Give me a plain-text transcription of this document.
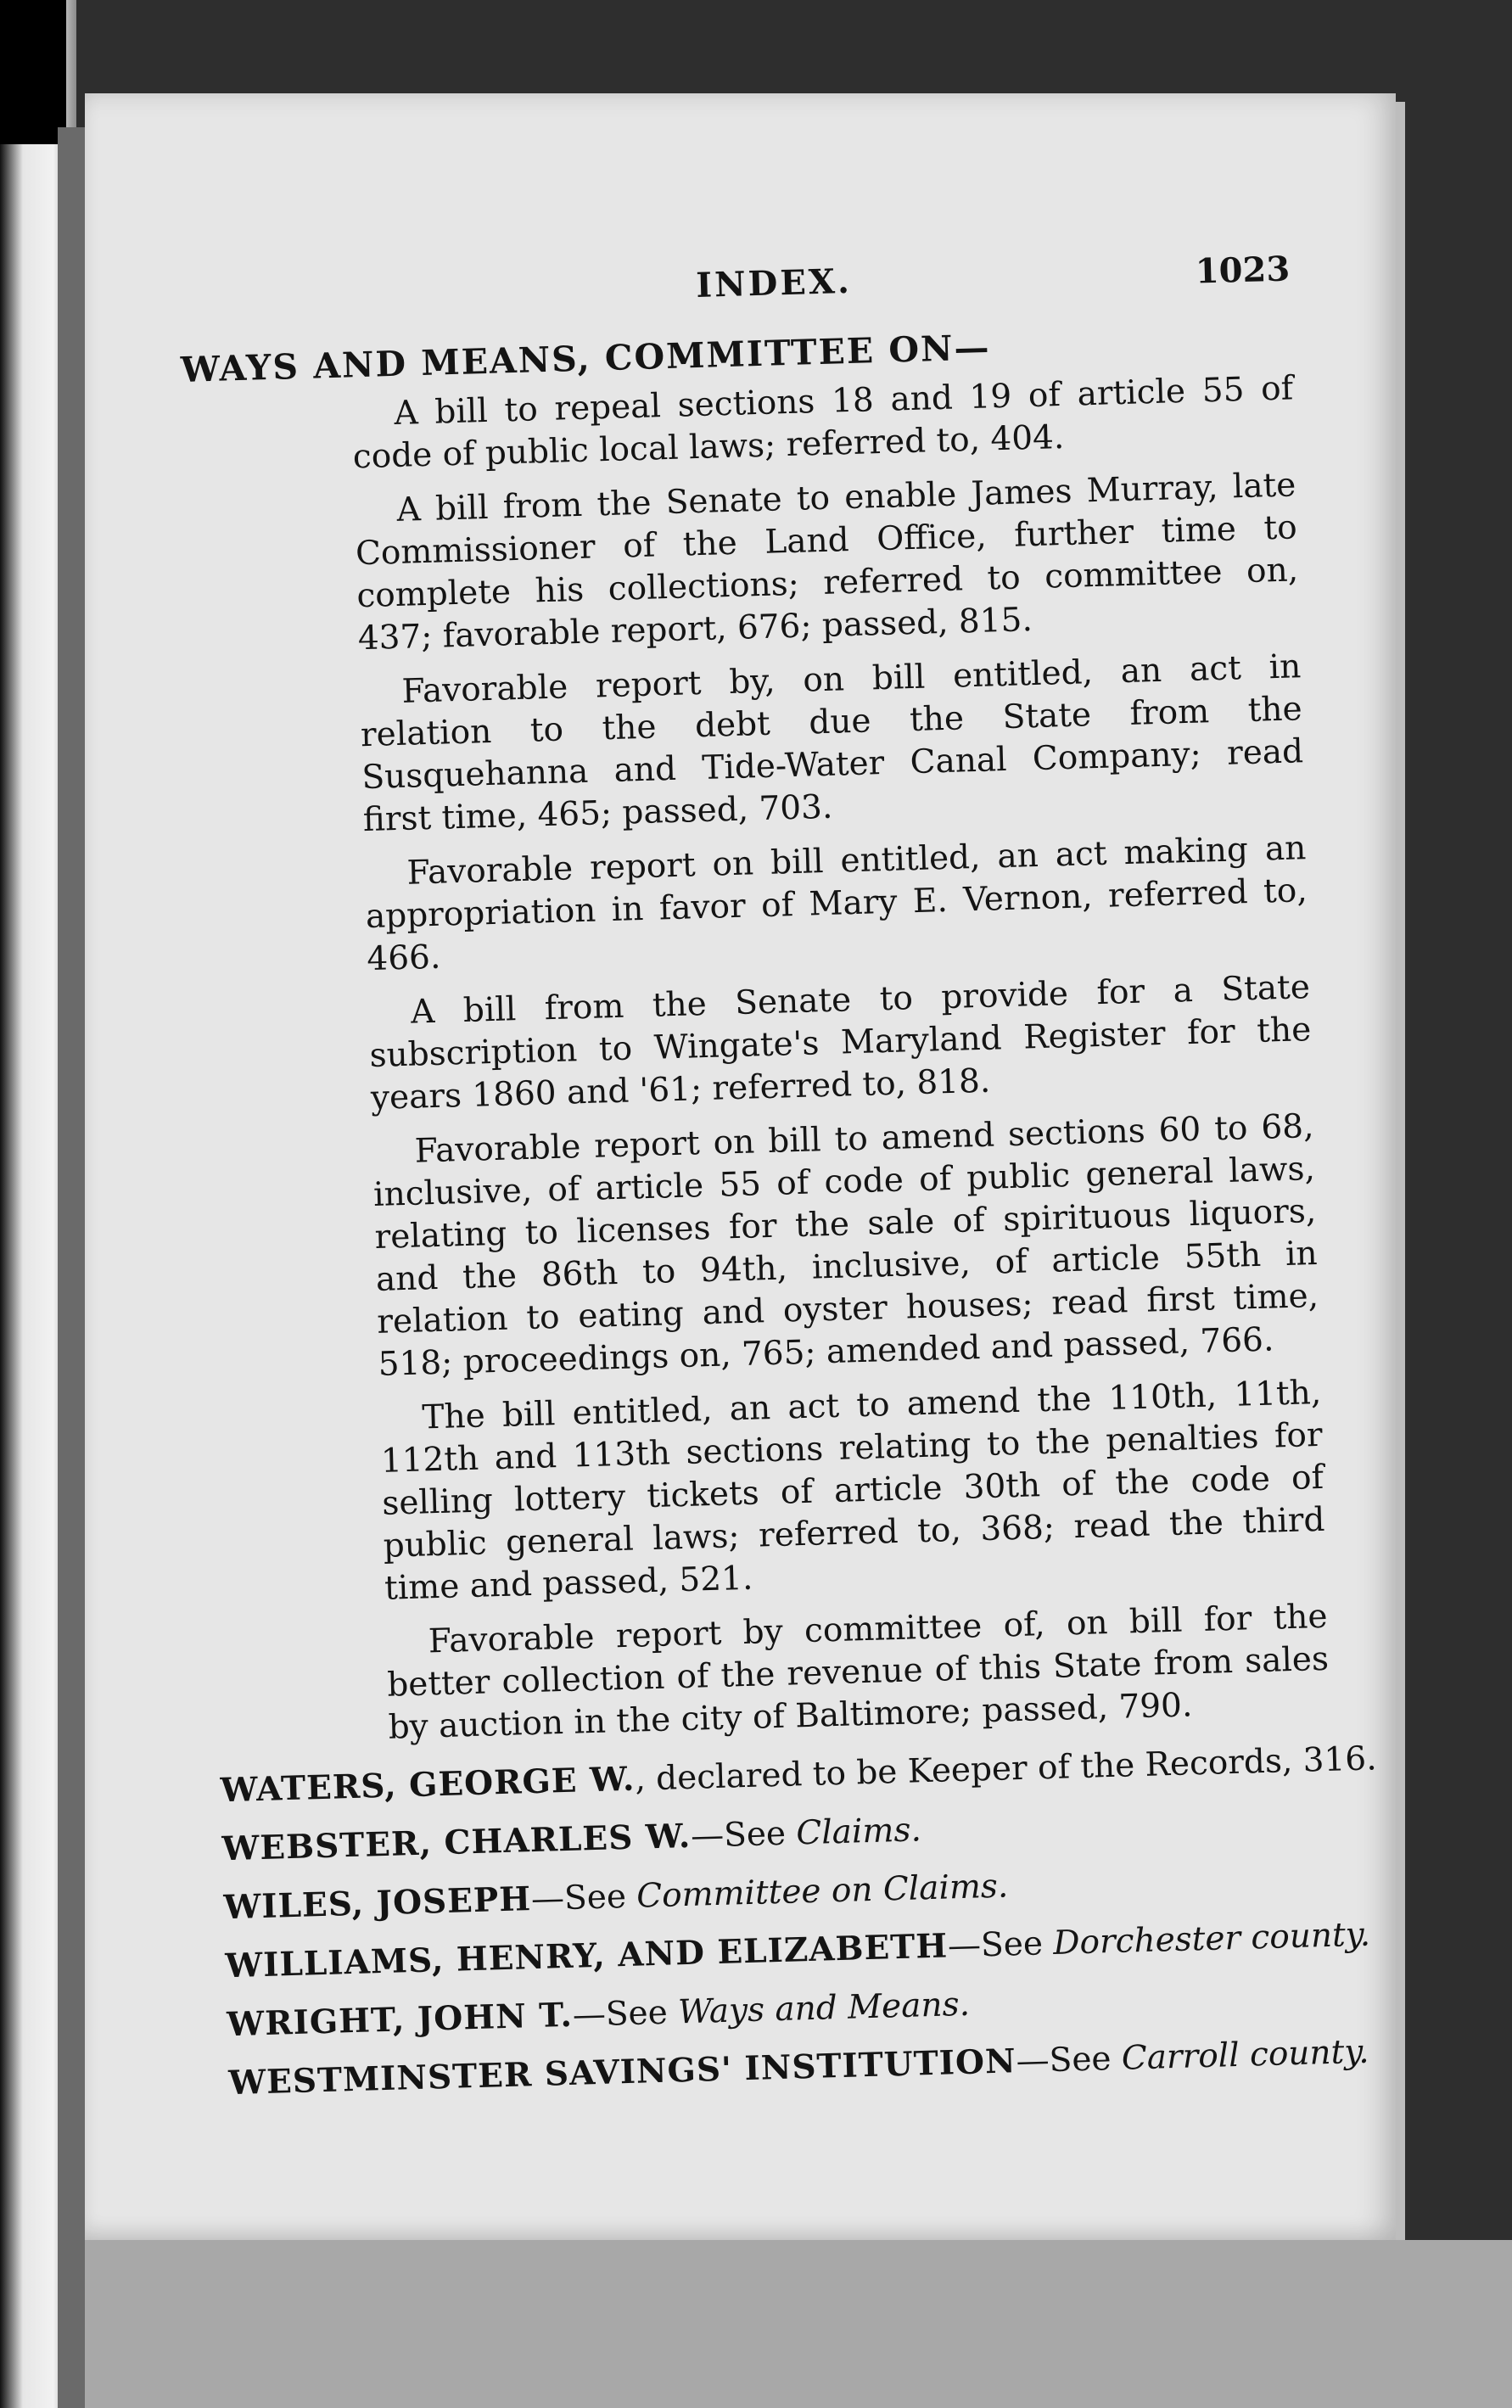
INDEX.	1023
WAYS AND MEANS, COMMITTEE ON—

A bill to repeal sections 18 and 19 of article 55 of code of public local laws; referred to, 404.

A bill from the Senate to enable James Murray, late Commissioner of the Land Office, further time to complete his collections; referred to committee on, 437; favorable report, 676; passed, 815.

Favorable report by, on bill entitled, an act in relation to the debt due the State from the Susquehanna and Tide-Water Canal Company; read first time, 465; passed, 703.

Favorable report on bill entitled, an act making an appropriation in favor of Mary E. Vernon, referred to, 466.

A bill from the Senate to provide for a State subscription to Wingate's Maryland Register for the years 1860 and '61; referred to, 818.

Favorable report on bill to amend sections 60 to 68, inclusive, of article 55 of code of public general laws, relating to licenses for the sale of spirituous liquors, and the 86th to 94th, inclusive, of article 55th in relation to eating and oyster houses; read first time, 518; proceedings on, 765; amended and passed, 766.

The bill entitled, an act to amend the 110th, 11th, 112th and 113th sections relating to the penalties for selling lottery tickets of article 30th of the code of public general laws; referred to, 368; read the third time and passed, 521.

Favorable report by committee of, on bill for the better collection of the revenue of this State from sales by auction in the city of Baltimore; passed, 790.

WATERS, GEORGE W., declared to be Keeper of the Records, 316.
WEBSTER, CHARLES W.—See Claims.
WILES, JOSEPH—See Committee on Claims.
WILLIAMS, HENRY, AND ELIZABETH—See Dorchester county.
WRIGHT, JOHN T.—See Ways and Means.
WESTMINSTER SAVINGS' INSTITUTION—See Carroll county.
